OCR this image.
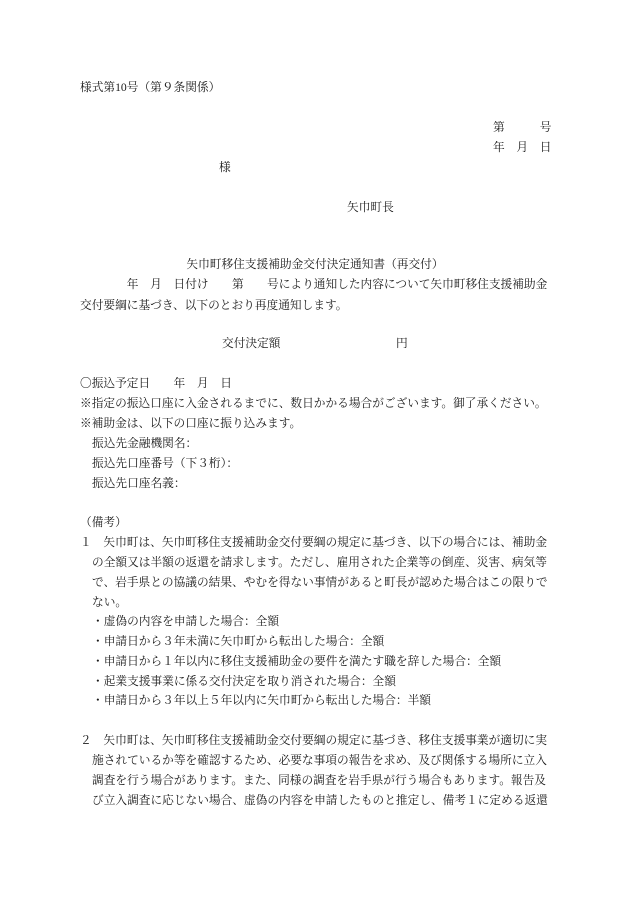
様式第10号（第９条関係）
第　　　号
年　月　日
様
矢巾町長
矢巾町移住支援補助金交付決定通知書（再交付）
　　　　年　月　日付け　　第　　号により通知した内容について矢巾町移住支援補助金
交付要綱に基づき、以下のとおり再度通知します。
交付決定額	円
〇振込予定日　　年　月　日
※指定の振込口座に入金されるまでに、数日かかる場合がございます。御了承ください。
※補助金は、以下の口座に振り込みます。
振込先金融機関名：
振込先口座番号（下３桁）：
振込先口座名義：
（備考）
１　矢巾町は、矢巾町移住支援補助金交付要綱の規定に基づき、以下の場合には、補助金
の全額又は半額の返還を請求します。ただし、雇用された企業等の倒産、災害、病気等
で、岩手県との協議の結果、やむを得ない事情があると町長が認めた場合はこの限りで
ない。
・虚偽の内容を申請した場合：全額
・申請日から３年未満に矢巾町から転出した場合：全額
・申請日から１年以内に移住支援補助金の要件を満たす職を辞した場合：全額
・起業支援事業に係る交付決定を取り消された場合：全額
・申請日から３年以上５年以内に矢巾町から転出した場合：半額
２　矢巾町は、矢巾町移住支援補助金交付要綱の規定に基づき、移住支援事業が適切に実
施されているか等を確認するため、必要な事項の報告を求め、及び関係する場所に立入
調査を行う場合があります。また、同様の調査を岩手県が行う場合もあります。報告及
び立入調査に応じない場合、虚偽の内容を申請したものと推定し、備考１に定める返還
